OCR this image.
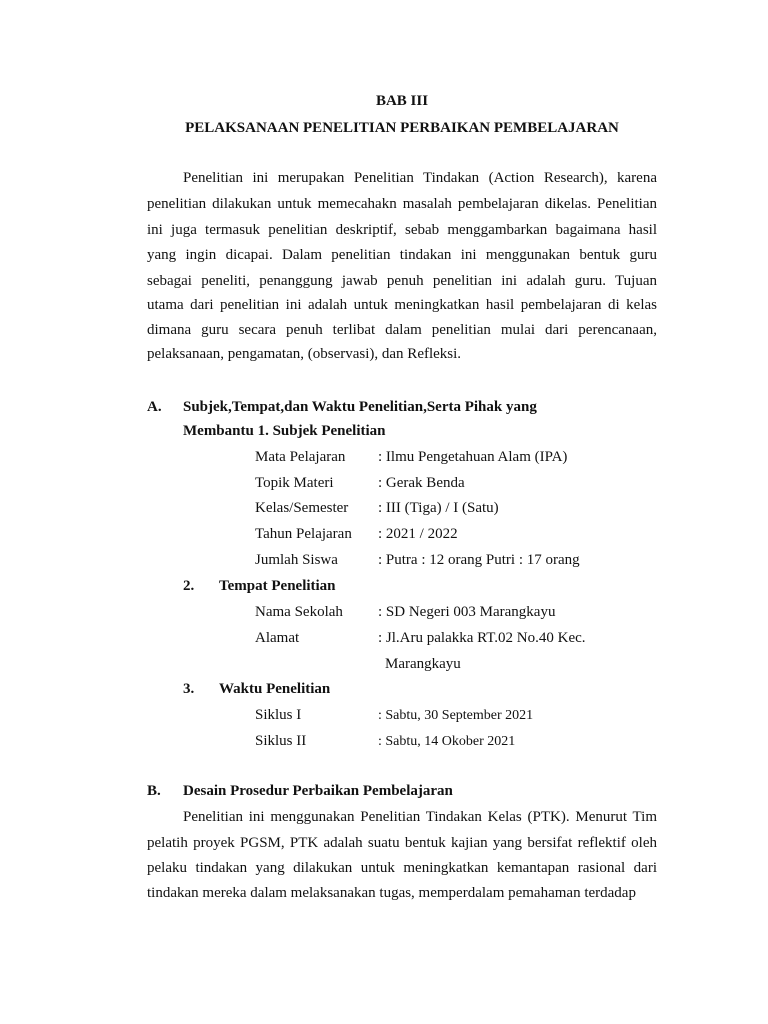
BAB III
PELAKSANAAN PENELITIAN PERBAIKAN PEMBELAJARAN
Penelitian ini merupakan Penelitian Tindakan (Action Research), karena
penelitian dilakukan untuk memecahakn masalah pembelajaran dikelas. Penelitian
ini juga termasuk penelitian deskriptif, sebab menggambarkan bagaimana hasil
yang ingin dicapai. Dalam penelitian tindakan ini menggunakan bentuk guru
sebagai peneliti, penanggung jawab penuh penelitian ini adalah guru. Tujuan
utama dari penelitian ini adalah untuk meningkatkan hasil pembelajaran di kelas
dimana guru secara penuh terlibat dalam penelitian mulai dari perencanaan,
pelaksanaan, pengamatan, (observasi), dan Refleksi.
A. Subjek,Tempat,dan Waktu Penelitian,Serta Pihak yang
Membantu 1. Subjek Penelitian
Mata Pelajaran : Ilmu Pengetahuan Alam (IPA)
Topik Materi	: Gerak Benda
Kelas/Semester : III (Tiga) / I (Satu)
Tahun Pelajaran : 2021 / 2022
Jumlah Siswa	: Putra : 12 orang Putri : 17 orang
2. Tempat Penelitian
Nama Sekolah : SD Negeri 003 Marangkayu
Alamat	: Jl.Aru palakka RT.02 No.40 Kec.
Marangkayu
3. Waktu Penelitian
Siklus I	: Sabtu, 30 September 2021
Siklus II	: Sabtu, 14 Okober 2021
B. Desain Prosedur Perbaikan Pembelajaran
Penelitian ini menggunakan Penelitian Tindakan Kelas (PTK). Menurut Tim
pelatih proyek PGSM, PTK adalah suatu bentuk kajian yang bersifat reflektif oleh
pelaku tindakan yang dilakukan untuk meningkatkan kemantapan rasional dari
tindakan mereka dalam melaksanakan tugas, memperdalam pemahaman terdadap
